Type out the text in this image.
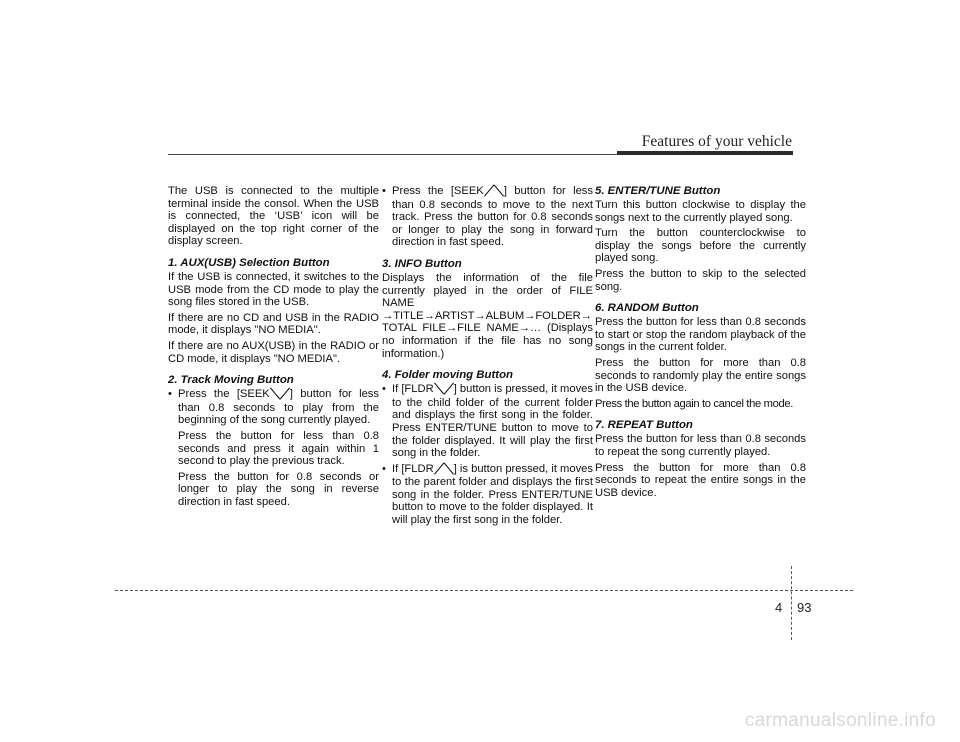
Features of your vehicle

The USB is connected to the multiple terminal inside the consol. When the USB is connected, the ‘USB’ icon will be displayed on the top right corner of the display screen.

1. AUX(USB) Selection Button

If the USB is connected, it switches to the USB mode from the CD mode to play the song files stored in the USB.

If there are no CD and USB in the RADIO mode, it displays "NO MEDIA".

If there are no AUX(USB) in the RADIO or CD mode, it displays "NO MEDIA".

2. Track Moving Button
• Press the [SEEK╲╱] button for less than 0.8 seconds to play from the beginning of the song currently played.

Press the button for less than 0.8 seconds and press it again within 1 second to play the previous track.

Press the button for 0.8 seconds or longer to play the song in reverse direction in fast speed.

• Press the [SEEK╱╲] button for less than 0.8 seconds to move to the next track. Press the button for 0.8 seconds or longer to play the song in forward direction in fast speed.
3. INFO Button

Displays the information of the file currently played in the order of FILE NAME →TITLE→ARTIST→ALBUM→FOLDER→ TOTAL FILE→FILE NAME→… (Displays no information if the file has no song information.)

4. Folder moving Button
• If [FLDR╲╱] button is pressed, it moves to the child folder of the current folder and displays the first song in the folder. Press ENTER/TUNE button to move to the folder displayed. It will play the first song in the folder.
• If [FLDR╱╲] is button pressed, it moves to the parent folder and displays the first song in the folder. Press ENTER/TUNE button to move to the folder displayed. It will play the first song in the folder.
5. ENTER/TUNE Button

Turn this button clockwise to display the songs next to the currently played song.

Turn the button counterclockwise to display the songs before the currently played song.

Press the button to skip to the selected song.

6. RANDOM Button

Press the button for less than 0.8 seconds to start or stop the random playback of the songs in the current folder.

Press the button for more than 0.8 seconds to randomly play the entire songs in the USB device.

Press the button again to cancel the mode.

7. REPEAT Button

Press the button for less than 0.8 seconds to repeat the song currently played.

Press the button for more than 0.8 seconds to repeat the entire songs in the USB device.

4 93
carmanualsonline.info
